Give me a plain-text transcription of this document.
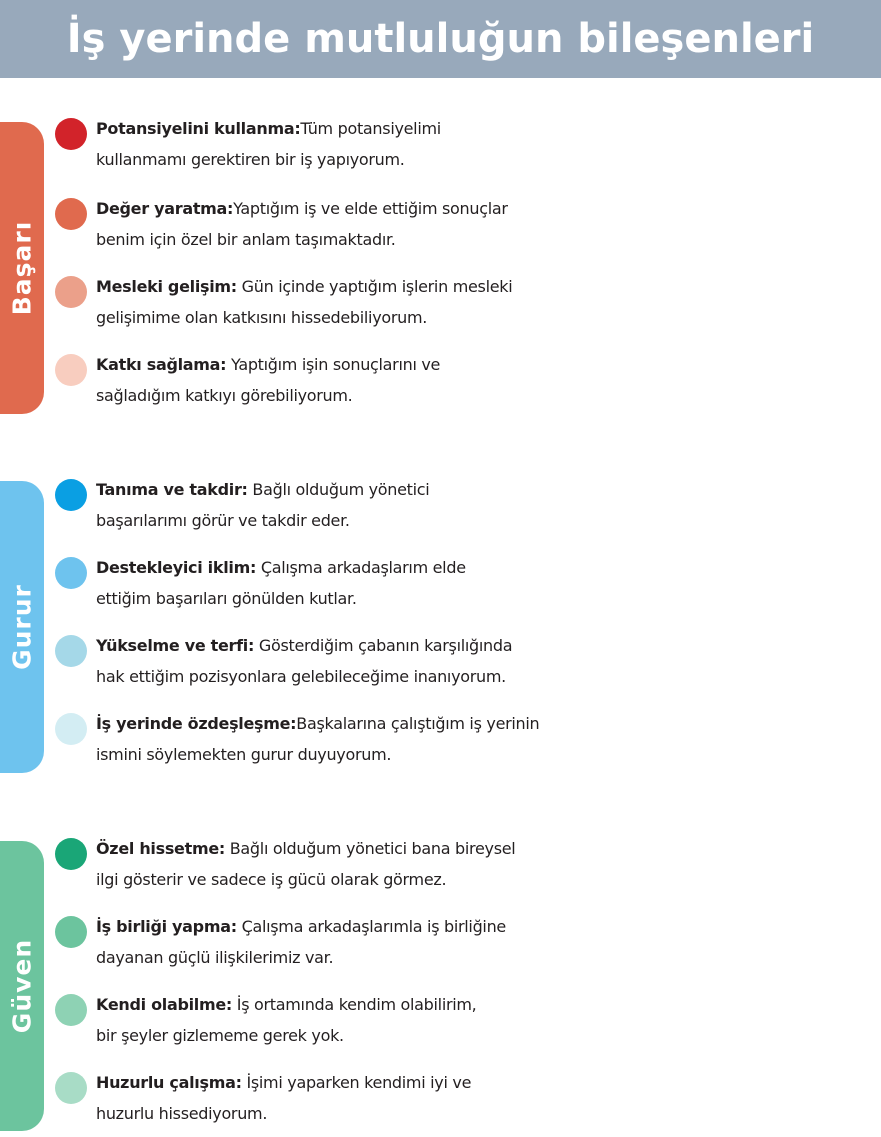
İş yerinde mutluluğun bileşenleri
Başarı
Potansiyelini kullanma:Tüm potansiyelimi
kullanmamı gerektiren bir iş yapıyorum.
Değer yaratma:Yaptığım iş ve elde ettiğim sonuçlar
benim için özel bir anlam taşımaktadır.
Mesleki gelişim: Gün içinde yaptığım işlerin mesleki
gelişimime olan katkısını hissedebiliyorum.
Katkı sağlama: Yaptığım işin sonuçlarını ve
sağladığım katkıyı görebiliyorum.
Gurur
Tanıma ve takdir: Bağlı olduğum yönetici
başarılarımı görür ve takdir eder.
Destekleyici iklim: Çalışma arkadaşlarım elde
ettiğim başarıları gönülden kutlar.
Yükselme ve terfi: Gösterdiğim çabanın karşılığında
hak ettiğim pozisyonlara gelebileceğime inanıyorum.
İş yerinde özdeşleşme:Başkalarına çalıştığım iş yerinin
ismini söylemekten gurur duyuyorum.
Güven
Özel hissetme: Bağlı olduğum yönetici bana bireysel
ilgi gösterir ve sadece iş gücü olarak görmez.
İş birliği yapma: Çalışma arkadaşlarımla iş birliğine
dayanan güçlü ilişkilerimiz var.
Kendi olabilme: İş ortamında kendim olabilirim,
bir şeyler gizlememe gerek yok.
Huzurlu çalışma: İşimi yaparken kendimi iyi ve
huzurlu hissediyorum.
